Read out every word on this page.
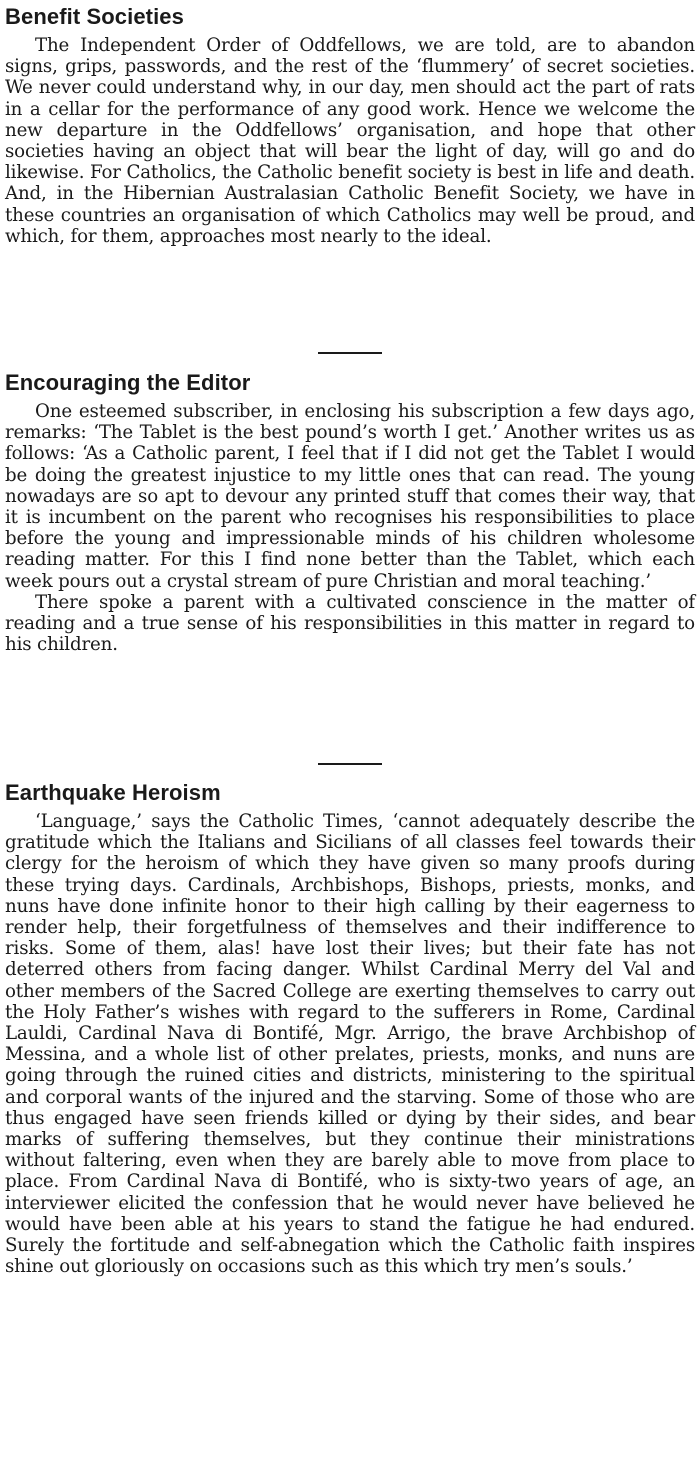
Benefit Societies

The Independent Order of Oddfellows, we are told, are to abandon signs, grips, passwords, and the rest of the ‘flummery’ of secret societies. We never could understand why, in our day, men should act the part of rats in a cellar for the performance of any good work. Hence we welcome the new departure in the Oddfellows’ organisation, and hope that other societies having an object that will bear the light of day, will go and do likewise. For Catholics, the Catholic benefit society is best in life and death. And, in the Hibernian Australasian Catholic Benefit Society, we have in these countries an organisation of which Catholics may well be proud, and which, for them, approaches most nearly to the ideal.

Encouraging the Editor

One esteemed subscriber, in enclosing his subscription a few days ago, remarks: ‘The Tablet is the best pound’s worth I get.’ Another writes us as follows: ‘As a Catholic parent, I feel that if I did not get the Tablet I would be doing the greatest injustice to my little ones that can read. The young nowadays are so apt to devour any printed stuff that comes their way, that it is incumbent on the parent who recognises his responsibilities to place before the young and impressionable minds of his children wholesome reading matter. For this I find none better than the Tablet, which each week pours out a crystal stream of pure Christian and moral teaching.’

There spoke a parent with a cultivated conscience in the matter of reading and a true sense of his responsibilities in this matter in regard to his children.

Earthquake Heroism

‘Language,’ says the Catholic Times, ‘cannot adequately describe the gratitude which the Italians and Sicilians of all classes feel towards their clergy for the heroism of which they have given so many proofs during these trying days. Cardinals, Archbishops, Bishops, priests, monks, and nuns have done infinite honor to their high calling by their eagerness to render help, their forgetfulness of themselves and their indifference to risks. Some of them, alas! have lost their lives; but their fate has not deterred others from facing danger. Whilst Cardinal Merry del Val and other members of the Sacred College are exerting themselves to carry out the Holy Father’s wishes with regard to the sufferers in Rome, Cardinal Lauldi, Cardinal Nava di Bontifé, Mgr. Arrigo, the brave Archbishop of Messina, and a whole list of other prelates, priests, monks, and nuns are going through the ruined cities and districts, ministering to the spiritual and corporal wants of the injured and the starving. Some of those who are thus engaged have seen friends killed or dying by their sides, and bear marks of suffering themselves, but they continue their ministrations without faltering, even when they are barely able to move from place to place. From Cardinal Nava di Bontifé, who is sixty-two years of age, an interviewer elicited the confession that he would never have believed he would have been able at his years to stand the fatigue he had endured. Surely the fortitude and self-abnegation which the Catholic faith inspires shine out gloriously on occasions such as this which try men’s souls.’
